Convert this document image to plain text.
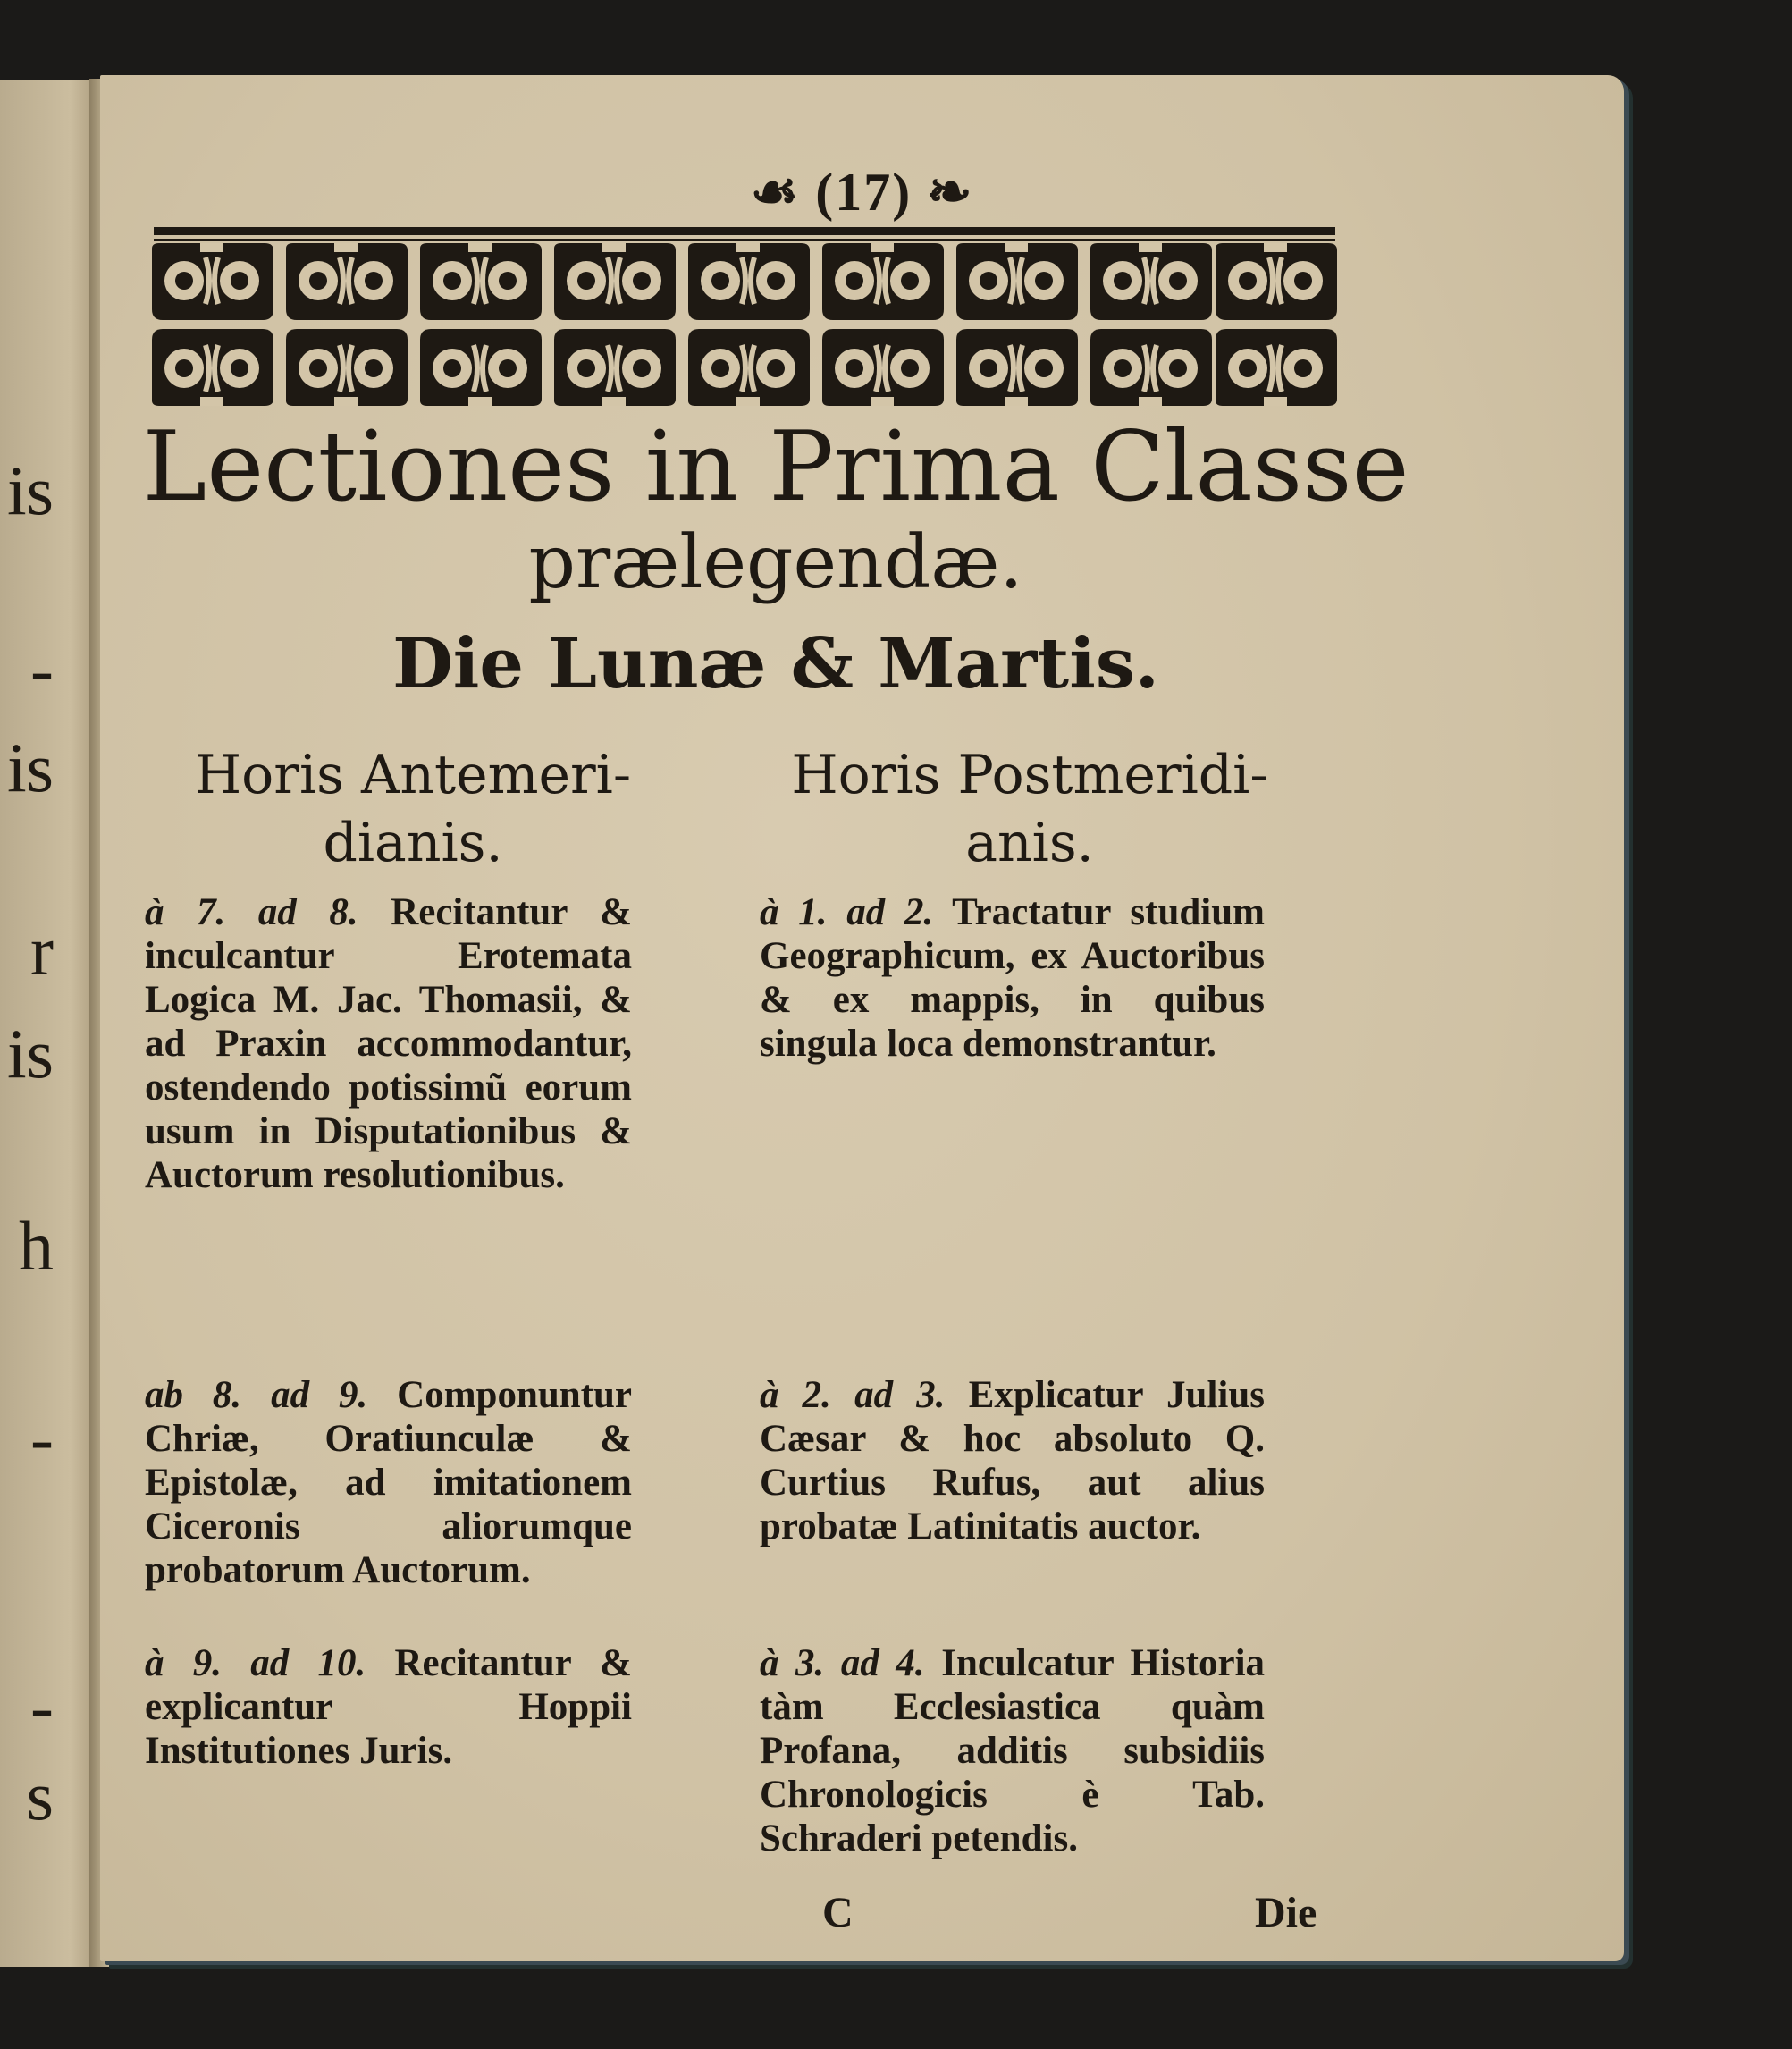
is
-
is
r
is
h
-
-
s
☙ (17) ❧
Lectiones in Prima Classe
prælegendæ.
Die Lunæ & Martis.
Horis Antemeri-dianis.
Horis Postmeridi-anis.
à 7. ad 8. Recitantur & inculcantur Erotemata Logica M. Jac. Thomasii, & ad Praxin accommodantur, ostendendo potissimũ eorum usum in Disputationibus & Auctorum resolutionibus.
ab 8. ad 9. Componuntur Chriæ, Oratiunculæ & Epistolæ, ad imitationem Ciceronis aliorumque probatorum Auctorum.
à 9. ad 10. Recitantur & explicantur Hoppii Institutiones Juris.
à 1. ad 2. Tractatur studium Geographicum, ex Auctoribus & ex mappis, in quibus singula loca demonstrantur.
à 2. ad 3. Explicatur Julius Cæsar & hoc absoluto Q. Curtius Rufus, aut alius probatæ Latinitatis auctor.
à 3. ad 4. Inculcatur Historia tàm Ecclesiastica quàm Profana, additis subsidiis Chronologicis è Tab. Schraderi petendis.
C	Die
